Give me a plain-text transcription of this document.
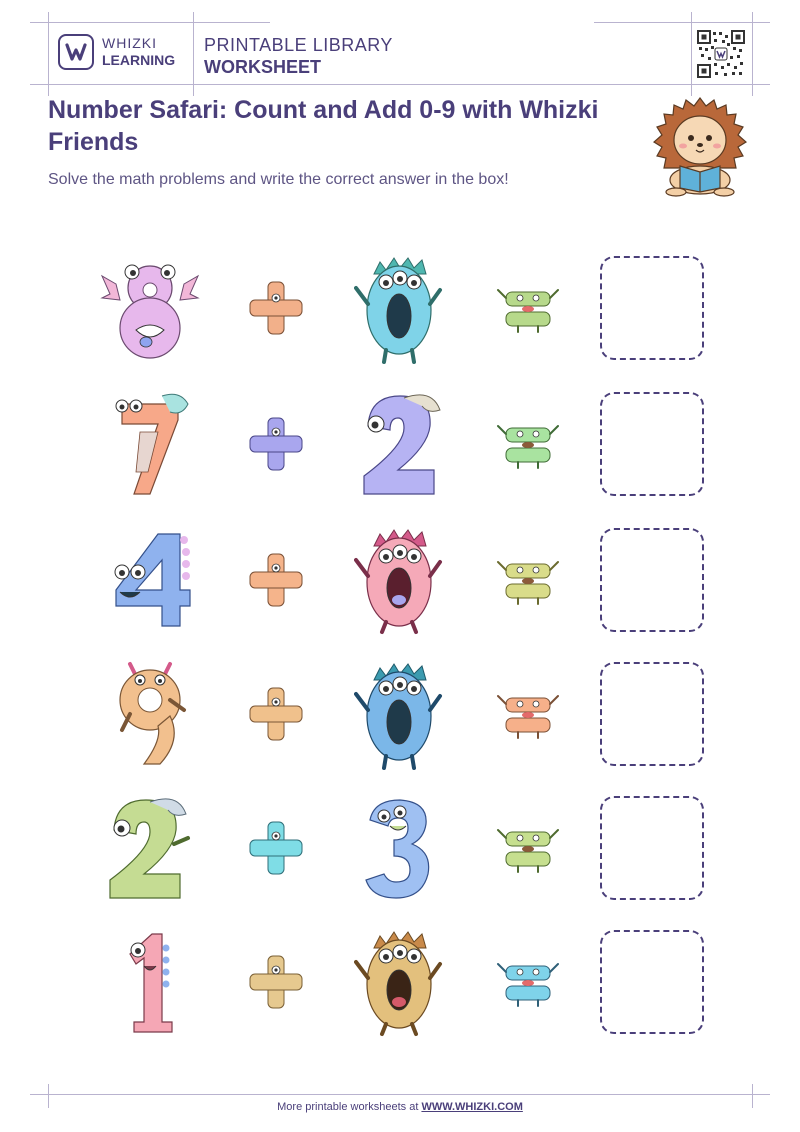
WHIZKI
LEARNING
PRINTABLE LIBRARY
WORKSHEET
Number Safari: Count and Add 0-9 with Whizki Friends

Solve the math problems and write the correct answer in the box!

More printable worksheets at WWW.WHIZKI.COM
